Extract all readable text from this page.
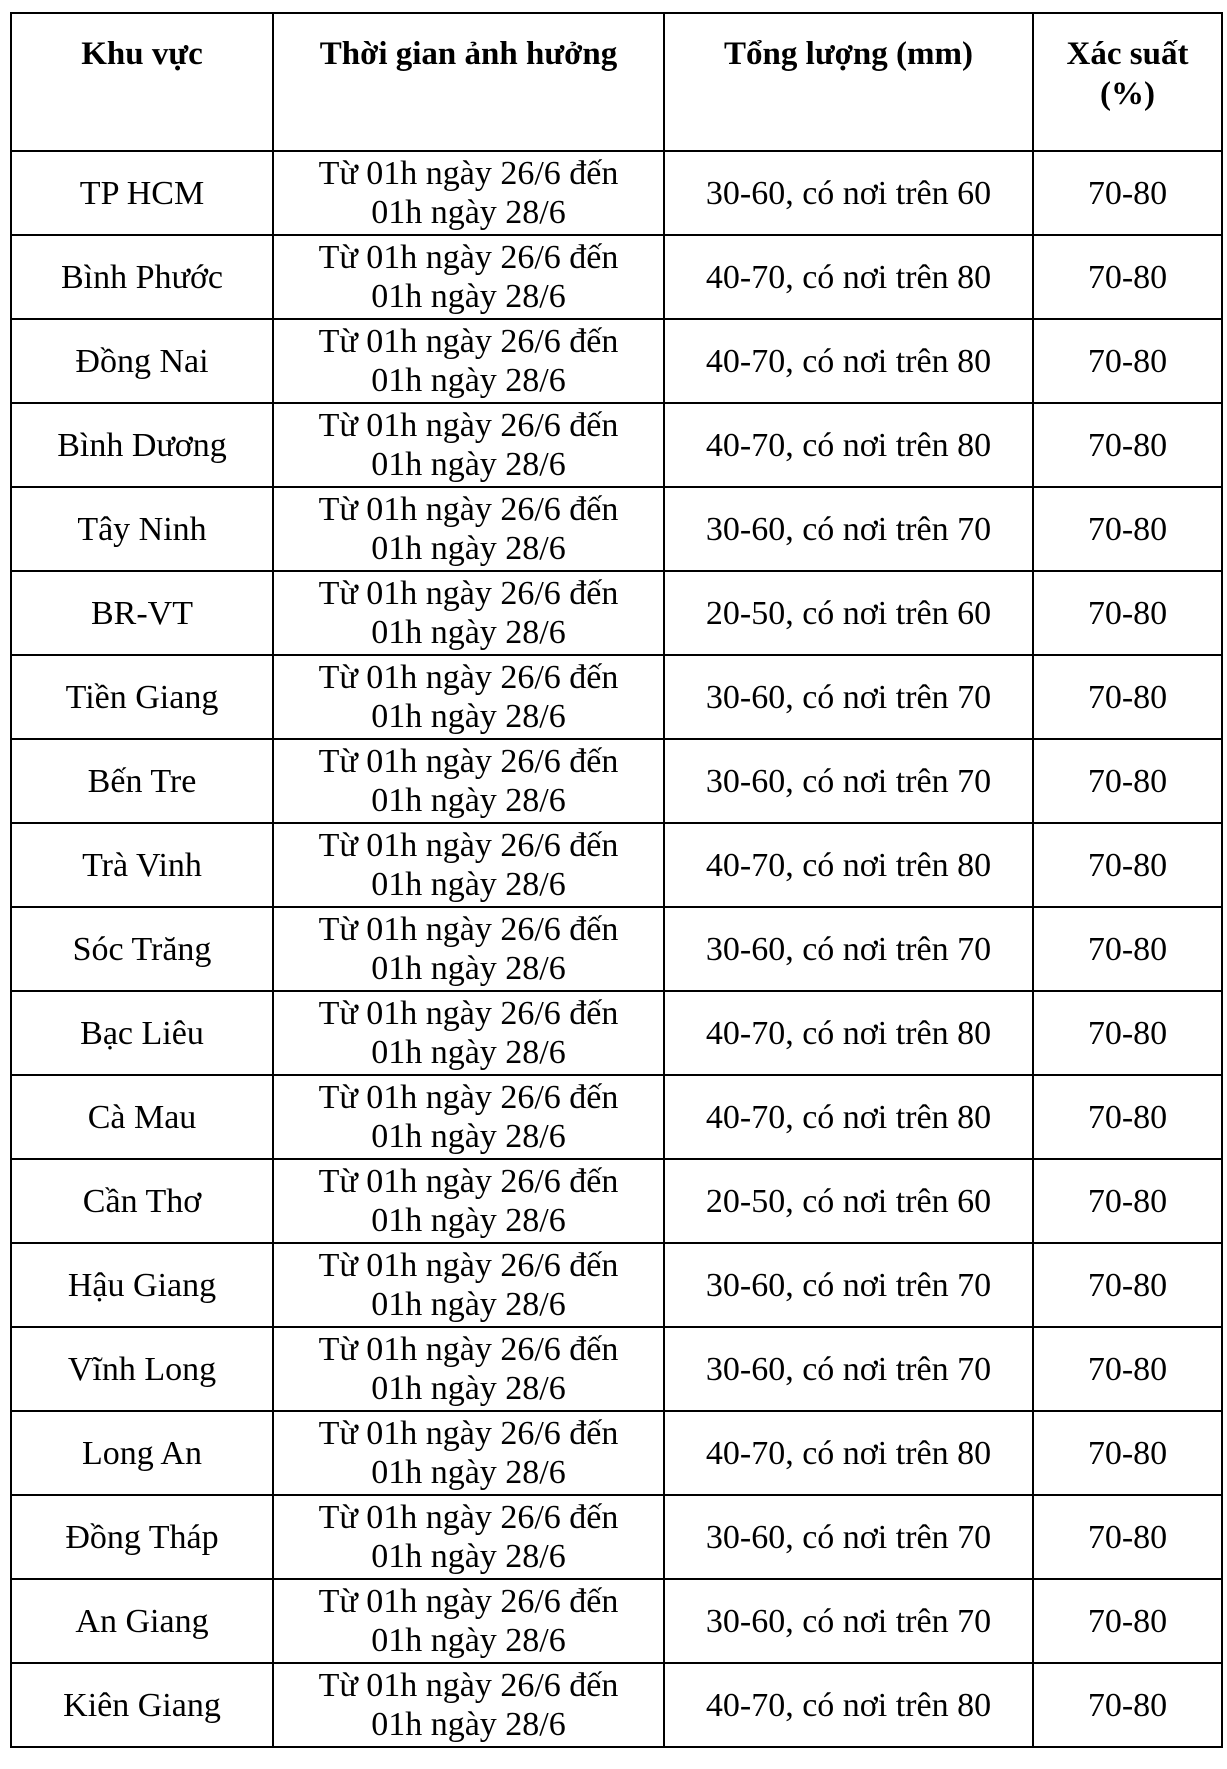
Khu vực	Thời gian ảnh hưởng	Tổng lượng (mm)	Xác suất
(%)

TP HCM	Từ 01h ngày 26/6 đến
01h ngày 28/6	30-60, có nơi trên 60	70-80
Bình Phước	Từ 01h ngày 26/6 đến
01h ngày 28/6	40-70, có nơi trên 80	70-80
Đồng Nai	Từ 01h ngày 26/6 đến
01h ngày 28/6	40-70, có nơi trên 80	70-80
Bình Dương	Từ 01h ngày 26/6 đến
01h ngày 28/6	40-70, có nơi trên 80	70-80
Tây Ninh	Từ 01h ngày 26/6 đến
01h ngày 28/6	30-60, có nơi trên 70	70-80
BR-VT	Từ 01h ngày 26/6 đến
01h ngày 28/6	20-50, có nơi trên 60	70-80
Tiền Giang	Từ 01h ngày 26/6 đến
01h ngày 28/6	30-60, có nơi trên 70	70-80
Bến Tre	Từ 01h ngày 26/6 đến
01h ngày 28/6	30-60, có nơi trên 70	70-80
Trà Vinh	Từ 01h ngày 26/6 đến
01h ngày 28/6	40-70, có nơi trên 80	70-80
Sóc Trăng	Từ 01h ngày 26/6 đến
01h ngày 28/6	30-60, có nơi trên 70	70-80
Bạc Liêu	Từ 01h ngày 26/6 đến
01h ngày 28/6	40-70, có nơi trên 80	70-80
Cà Mau	Từ 01h ngày 26/6 đến
01h ngày 28/6	40-70, có nơi trên 80	70-80
Cần Thơ	Từ 01h ngày 26/6 đến
01h ngày 28/6	20-50, có nơi trên 60	70-80
Hậu Giang	Từ 01h ngày 26/6 đến
01h ngày 28/6	30-60, có nơi trên 70	70-80
Vĩnh Long	Từ 01h ngày 26/6 đến
01h ngày 28/6	30-60, có nơi trên 70	70-80
Long An	Từ 01h ngày 26/6 đến
01h ngày 28/6	40-70, có nơi trên 80	70-80
Đồng Tháp	Từ 01h ngày 26/6 đến
01h ngày 28/6	30-60, có nơi trên 70	70-80
An Giang	Từ 01h ngày 26/6 đến
01h ngày 28/6	30-60, có nơi trên 70	70-80
Kiên Giang	Từ 01h ngày 26/6 đến
01h ngày 28/6	40-70, có nơi trên 80	70-80
